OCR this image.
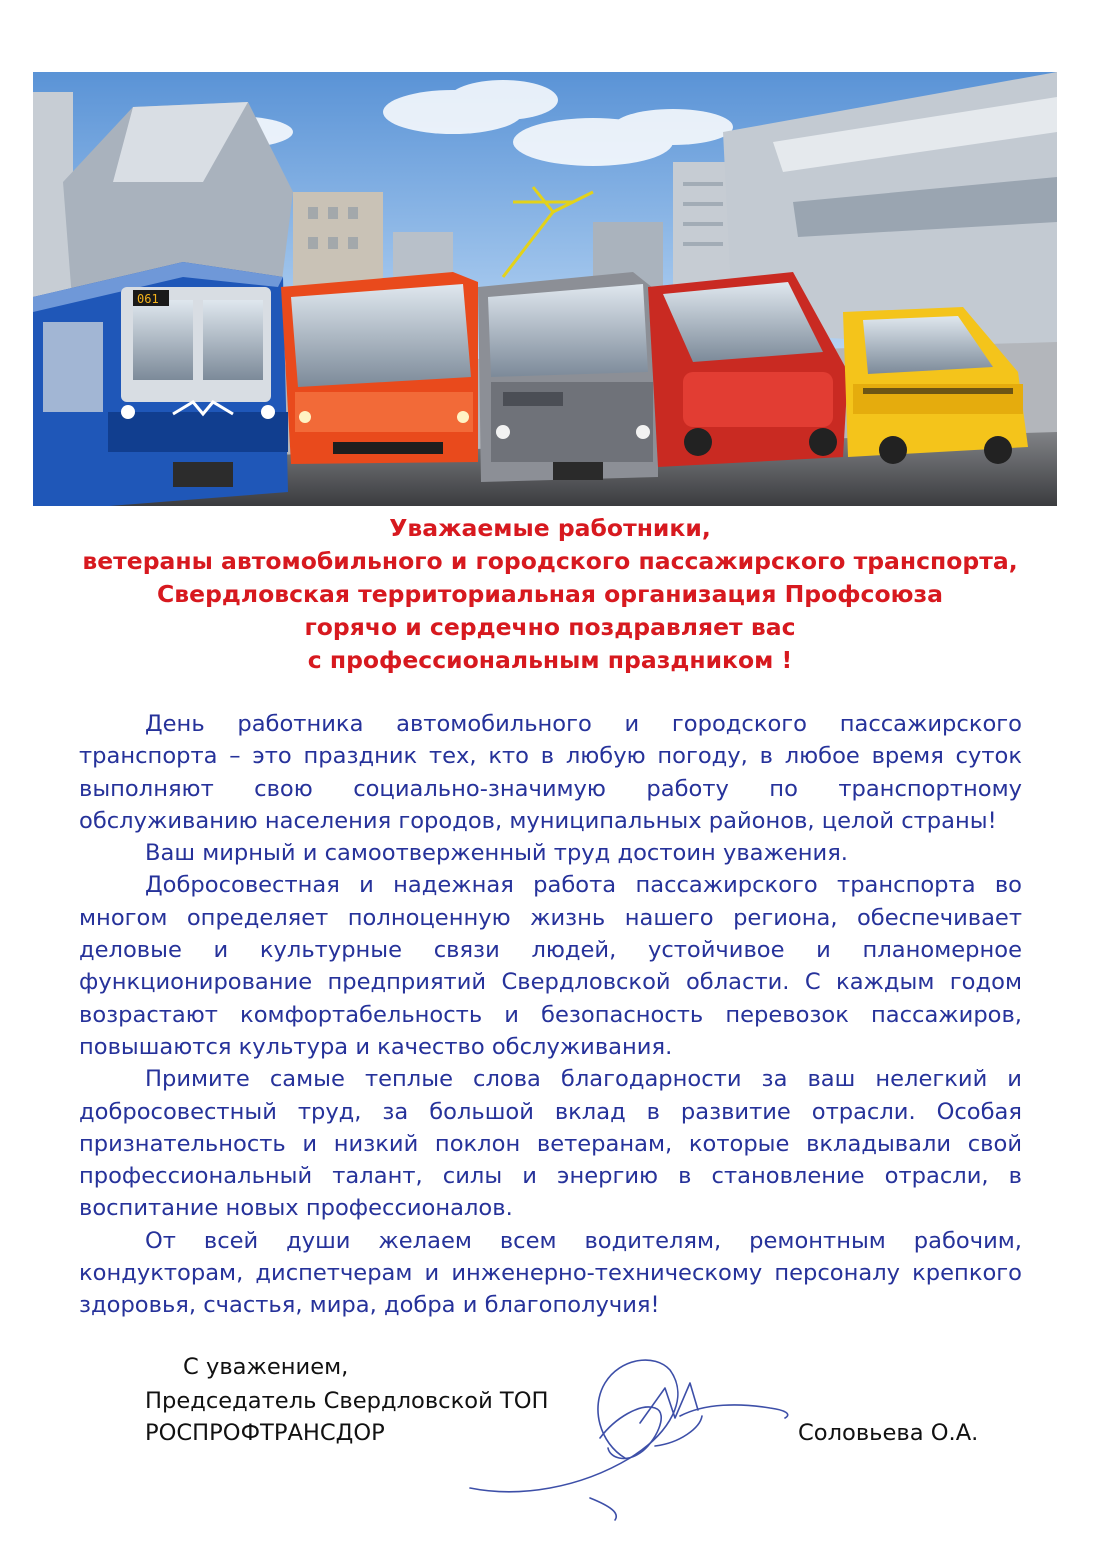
061
Уважаемые работники,
ветераны автомобильного и городского пассажирского транспорта,
Свердловская территориальная организация Профсоюза
горячо и сердечно поздравляет вас
с профессиональным праздником !

День работника автомобильного и городского пассажирского транспорта – это праздник тех, кто в любую погоду, в любое время суток выполняют свою социально-значимую работу по транспортному обслуживанию населения городов, муниципальных районов, целой страны!

Ваш мирный и самоотверженный труд достоин уважения.

Добросовестная и надежная работа пассажирского транспорта во многом определяет полноценную жизнь нашего региона, обеспечивает деловые и культурные связи людей, устойчивое и планомерное функционирование предприятий Свердловской области. С каждым годом возрастают комфортабельность и безопасность перевозок пассажиров, повышаются культура и качество обслуживания.

Примите самые теплые слова благодарности за ваш нелегкий и добросовестный труд, за большой вклад в развитие отрасли. Особая признательность и низкий поклон ветеранам, которые вкладывали свой профессиональный талант, силы и энергию в становление отрасли, в воспитание новых профессионалов.

От всей души желаем всем водителям, ремонтным рабочим, кондукторам, диспетчерам и инженерно-техническому персоналу крепкого здоровья, счастья, мира, добра и благополучия!

С уважением,
Председатель Свердловской ТОП
РОСПРОФТРАНСДОР	Соловьева О.А.
